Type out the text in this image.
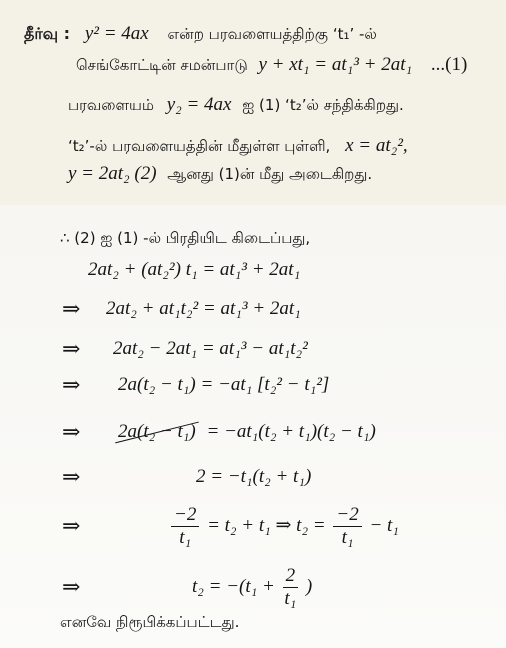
தீர்வு : y² = 4ax என்ற பரவளையத்திற்கு ‘t₁’ -ல்
செங்கோட்டின் சமன்பாடு y + xt₁ = at₁³ + 2at₁ ...(1)
பரவளையம் y₂ = 4ax ஐ (1) ‘t₂’ல் சந்திக்கிறது.
‘t₂’-ல் பரவளையத்தின் மீதுள்ள புள்ளி, x = at₂²,
y = 2at₂ (2) ஆனது (1)ன் மீது அடைகிறது.
∴ (2) ஐ (1) -ல் பிரதியிட கிடைப்பது,
2at₂ + (at₂²) t₁ = at₁³ + 2at₁
⇒ 2at₂ + at₁t₂² = at₁³ + 2at₁
⇒ 2at₂ − 2at₁ = at₁³ − at₁t₂²
⇒ 2a(t₂ − t₁) = −at₁ [t₂² − t₁²]
⇒ 2a(t₂ − t₁) = −at₁(t₂ + t₁)(t₂ − t₁)
⇒	2 = −t₁(t₂ + t₁)
⇒	$\frac{-2}{\text{t₁}} = t_2 + t_1$ ⇒ $t_2 = \frac{-2}{\text{t₁}} - t_1$
⇒	$t_2 = -(t_1 + \frac{2}{\text{t₁}}$ )
எனவே நிரூபிக்கப்பட்டது.
